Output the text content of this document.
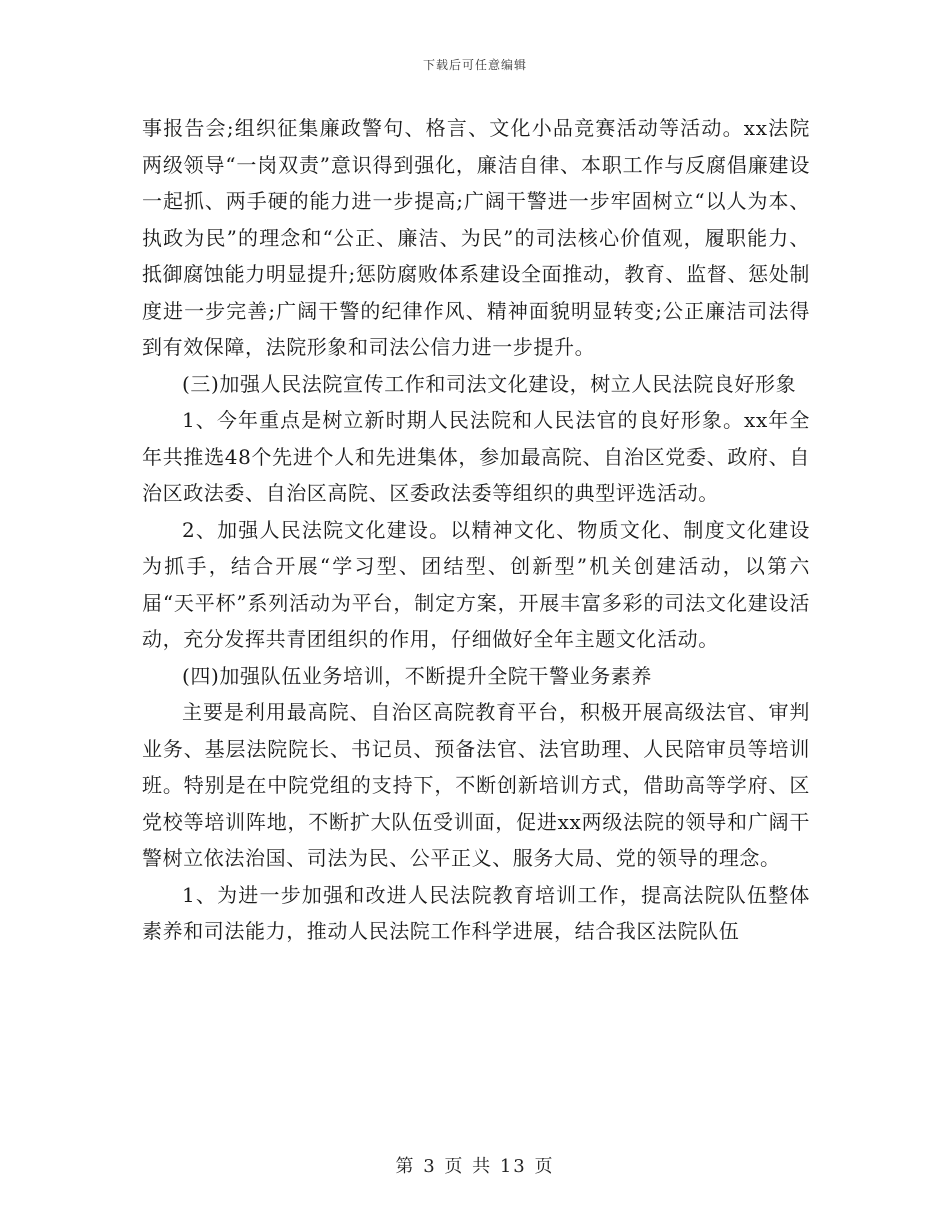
下载后可任意编辑

事报告会;组织征集廉政警句、格言、文化小品竞赛活动等活动。xx法院两级领导“一岗双责”意识得到强化，廉洁自律、本职工作与反腐倡廉建设一起抓、两手硬的能力进一步提高;广阔干警进一步牢固树立“以人为本、执政为民”的理念和“公正、廉洁、为民”的司法核心价值观，履职能力、抵御腐蚀能力明显提升;惩防腐败体系建设全面推动，教育、监督、惩处制度进一步完善;广阔干警的纪律作风、精神面貌明显转变;公正廉洁司法得到有效保障，法院形象和司法公信力进一步提升。

(三)加强人民法院宣传工作和司法文化建设，树立人民法院良好形象

1、今年重点是树立新时期人民法院和人民法官的良好形象。xx年全年共推选48个先进个人和先进集体，参加最高院、自治区党委、政府、自治区政法委、自治区高院、区委政法委等组织的典型评选活动。

2、加强人民法院文化建设。以精神文化、物质文化、制度文化建设为抓手，结合开展“学习型、团结型、创新型”机关创建活动，以第六届“天平杯”系列活动为平台，制定方案，开展丰富多彩的司法文化建设活动，充分发挥共青团组织的作用，仔细做好全年主题文化活动。

(四)加强队伍业务培训，不断提升全院干警业务素养

主要是利用最高院、自治区高院教育平台，积极开展高级法官、审判业务、基层法院院长、书记员、预备法官、法官助理、人民陪审员等培训班。特别是在中院党组的支持下，不断创新培训方式，借助高等学府、区党校等培训阵地，不断扩大队伍受训面，促进xx两级法院的领导和广阔干警树立依法治国、司法为民、公平正义、服务大局、党的领导的理念。

1、为进一步加强和改进人民法院教育培训工作，提高法院队伍整体素养和司法能力，推动人民法院工作科学进展，结合我区法院队伍

第 3 页 共 13 页
